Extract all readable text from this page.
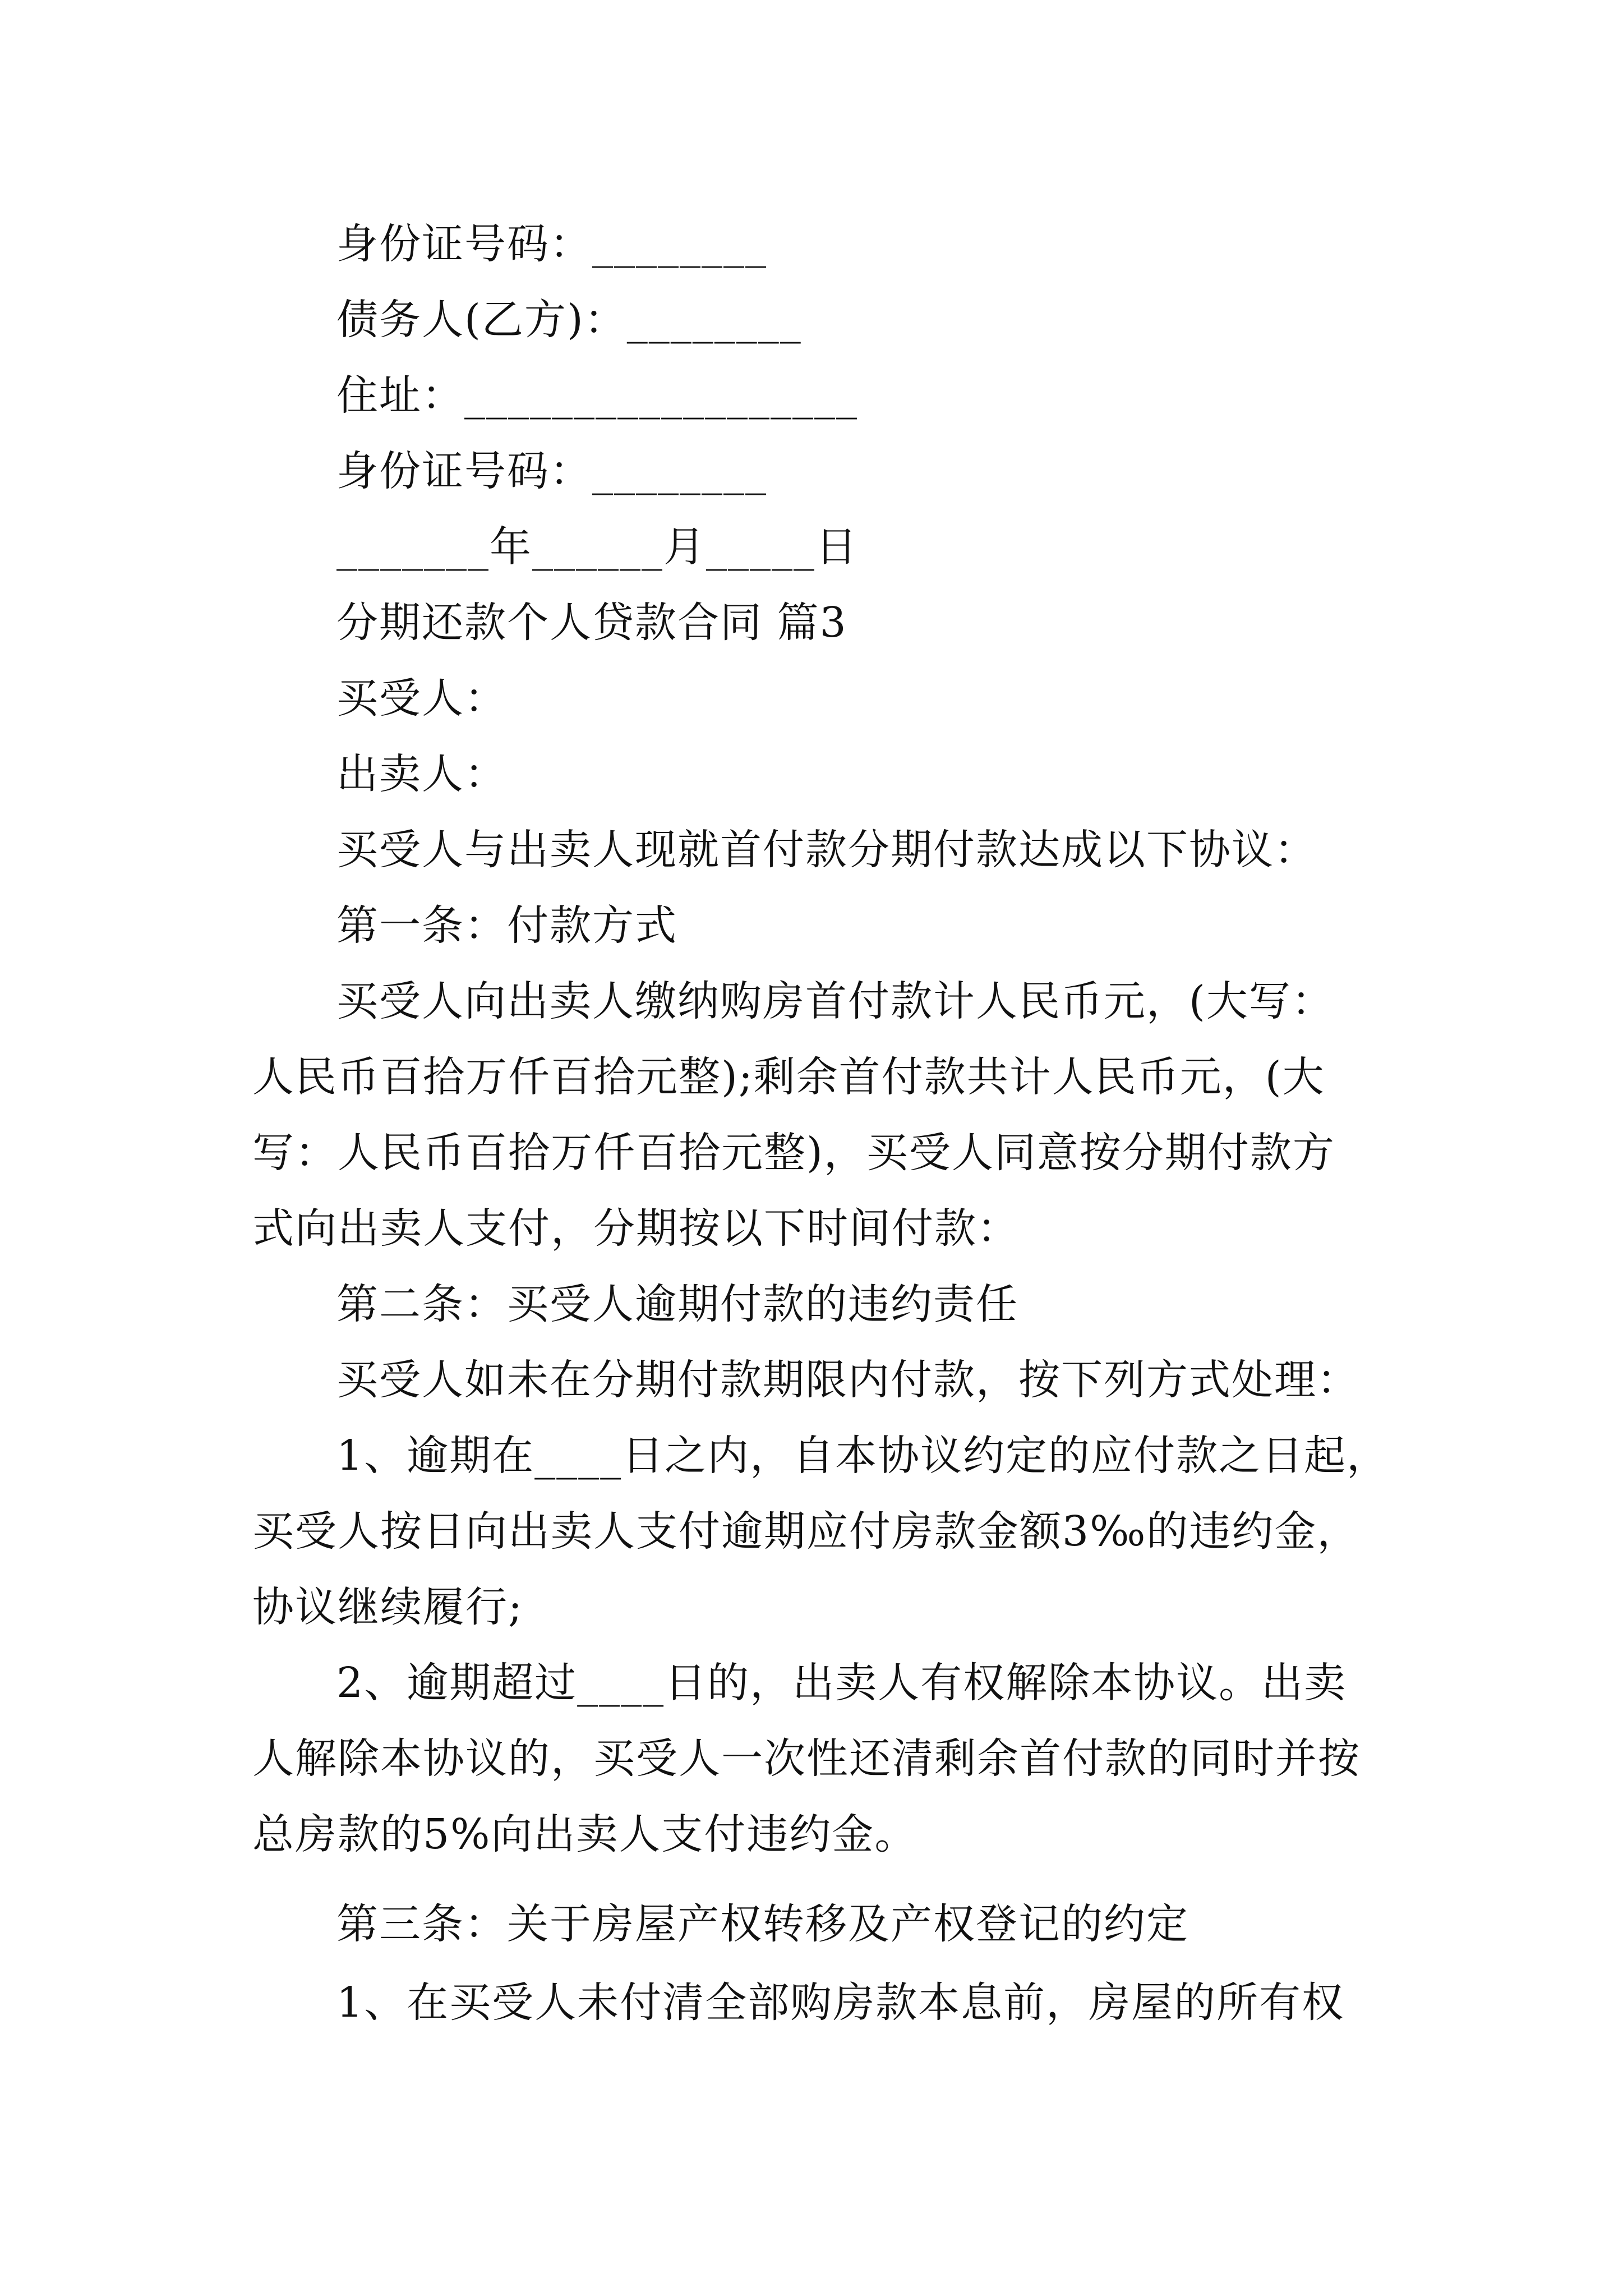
身份证号码：________
债务人(乙方)：________
住址：__________________
身份证号码：________
_______年______月_____日
分期还款个人贷款合同 篇3
买受人：
出卖人：
买受人与出卖人现就首付款分期付款达成以下协议：
第一条：付款方式
买受人向出卖人缴纳购房首付款计人民币元，(大写：
人民币百拾万仟百拾元整);剩余首付款共计人民币元，(大
写：人民币百拾万仟百拾元整)，买受人同意按分期付款方
式向出卖人支付，分期按以下时间付款：
第二条：买受人逾期付款的违约责任
买受人如未在分期付款期限内付款，按下列方式处理：
1、逾期在____日之内，自本协议约定的应付款之日起，
买受人按日向出卖人支付逾期应付房款金额3‰的违约金，
协议继续履行;
2、逾期超过____日的，出卖人有权解除本协议。出卖
人解除本协议的，买受人一次性还清剩余首付款的同时并按
总房款的5%向出卖人支付违约金。
第三条：关于房屋产权转移及产权登记的约定
1、在买受人未付清全部购房款本息前，房屋的所有权
